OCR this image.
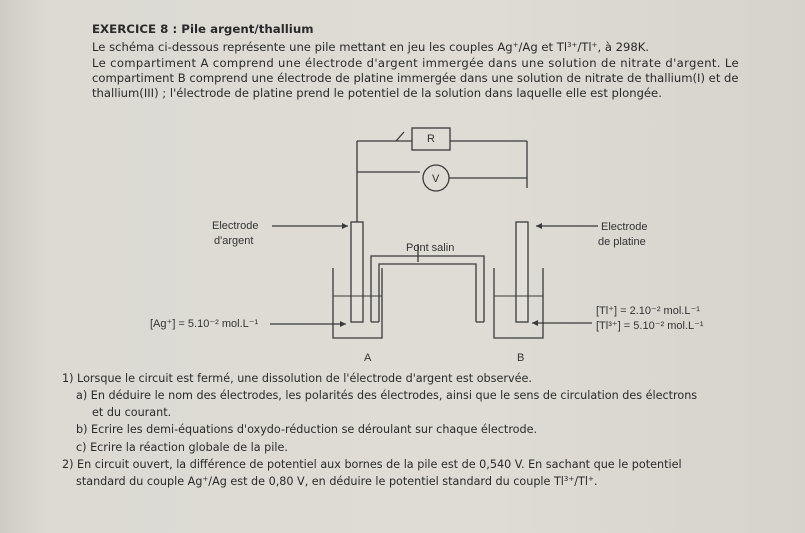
EXERCICE 8 : Pile argent/thallium
Le schéma ci-dessous représente une pile mettant en jeu les couples Ag+/Ag et $Tl^{3+}/Tl^+$, à 298K.
Le compartiment A comprend une électrode d'argent immergée dans une solution de nitrate d'argent. Le
compartiment B comprend une électrode de platine immergée dans une solution de nitrate de thallium(I) et de
thallium(III) ; l'électrode de platine prend le potentiel de la solution dans laquelle elle est plongée.
R
V
Electrode
d'argent
Electrode
de platine
Pont salin
[Ag⁺] = 5.10⁻² mol.L⁻¹
[Tl⁺] = 2.10⁻² mol.L⁻¹
[Tl³⁺] = 5.10⁻² mol.L⁻¹
A	B
1) Lorsque le circuit est fermé, une dissolution de l'électrode d'argent est observée.
a) En déduire le nom des électrodes, les polarités des électrodes, ainsi que le sens de circulation des électrons
et du courant.
b) Ecrire les demi-équations d'oxydo-réduction se déroulant sur chaque électrode.
c) Ecrire la réaction globale de la pile.
2) En circuit ouvert, la différence de potentiel aux bornes de la pile est de 0,540 V. En sachant que le potentiel
standard du couple Ag+/Ag est de 0,80 V, en déduire le potentiel standard du couple $Tl^{3+}/Tl^+$.
